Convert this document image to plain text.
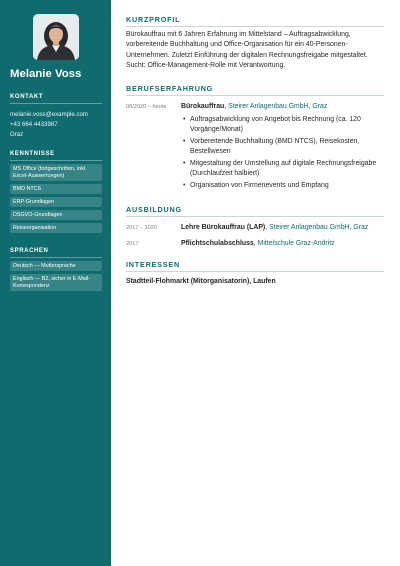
Melanie Voss
KONTAKT
melanie.voss@example.com
+43 664 4433987
Graz
KENNTNISSE
MS Office (fortgeschritten, inkl. Excel-Auswertungen)
BMD NTCS
ERP-Grundlagen
DSGVO-Grundlagen
Reiseorganisation
SPRACHEN
Deutsch — Muttersprache
Englisch — B2, sicher in E-Mail-Korrespondenz
KURZPROFIL

Bürokauffrau mit 6 Jahren Erfahrung im Mittelstand – Auftragsabwicklung, vorbereitende Buchhaltung und Office-Organisation für ein 40-Personen-Unternehmen. Zuletzt Einführung der digitalen Rechnungsfreigabe mitgestaltet. Sucht: Office-Management-Rolle mit Verantwortung.

BERUFSERFAHRUNG
08/2020 – heute Bürokauffrau, Steirer Anlagenbau GmbH, Graz
• Auftragsabwicklung von Angebot bis Rechnung (ca. 120 Vorgänge/Monat)
• Vorbereitende Buchhaltung (BMD NTCS), Reisekosten, Bestellwesen
• Mitgestaltung der Umstellung auf digitale Rechnungsfreigabe (Durchlaufzeit halbiert)
• Organisation von Firmenevents und Empfang
AUSBILDUNG
2017 – 2020	Lehre Bürokauffrau (LAP), Steirer Anlagenbau GmbH, Graz
2017	Pflichtschulabschluss, Mittelschule Graz-Andritz
INTERESSEN
Stadtteil-Flohmarkt (Mitorganisatorin), Laufen
